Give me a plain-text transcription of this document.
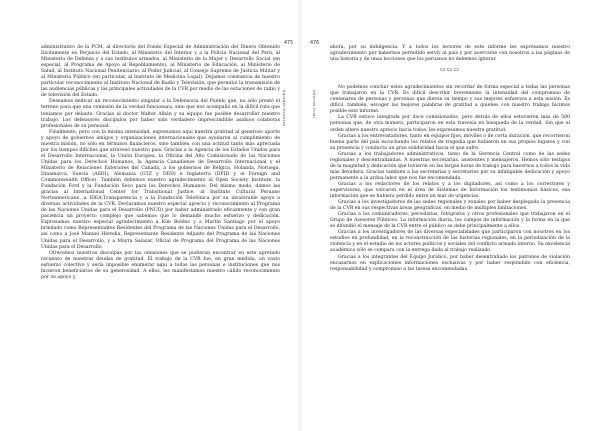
475
Agradecimientos

administrativo de la PCM, al directorio del Fondo Especial de Administración del Dinero Obtenido Ilícitamente en Perjuicio del Estado, al Ministerio del Interior y a la Policía Nacional del Perú, al Ministerio de Defensa y a sus institutos armados, al Ministerio de la Mujer y Desarrollo Social (en especial, al Programa de Apoyo al Repoblamiento), al Ministerio de Educación, al Ministerio de Salud, al Instituto Nacional Penitenciario, al Poder Judicial, al Consejo Supremo de Justicia Militar y al Ministerio Público (en particular, al Instituto de Medicina Legal). Dejamos constancia de nuestro particular reconocimiento al Instituto Nacional de Radio y Televisión, que permitió la transmisión de las audiencias públicas y las principales actividades de la CVR por medio de las estaciones de radio y de televisión del Estado.

Deseamos dedicar un reconocimiento singular a la Defensoría del Pueblo que, no sólo prestó el terreno para que una comisión de la verdad funcionara, sino que nos acompañó en la difícil ruta que teníamos por delante. Gracias al doctor Walter Albán y su equipo fue posible desarrollar nuestro trabajo. Los defensores discípulos por haber sido verdadero imprescindible asiduos colaboras profesionales de su personal.

Finalmente, pero con la misma intensidad, expresamos aquí nuestra gratitud al generoso aporte y apoyo de gobiernos amigos y organizaciones internacionales que ayudaron al cumplimiento de nuestra misión, no sólo en términos financieros, sino también con una actitud tanto más apreciada por los tiempos difíciles que atravesó nuestro país. Gracias a la Agencia de los Estados Unidos para el Desarrollo Internacional, la Unión Europea, la Oficina del Alto Comisionado de las Naciones Unidas para los Derechos Humanos, la Agencia Canadiense de Desarrollo Internacional y el Ministerio de Relaciones Exteriores del Canadá, a los gobiernos de Bélgica, Holanda, Noruega, Dinamarca, Suecia (ASDI), Alemania (GTZ y DED) e Inglaterra (DFID y el Foreign and Commonwealth Office). También debemos nuestro agradecimiento al Open Society Institute, la Fundación Ford y la Fundación Seco para los Derechos Humanos. Del mismo modo, damos las gracias al International Center for Transitional Justice, al Instituto Cultural Peruano Norteamericano, a IDEA-Transparencia y a la Fundación Telefónica por su invalorable apoyo a diversas actividades de la CVR. Declaramos nuestro especial aprecio y reconocimiento al Programa de las Naciones Unidas para el Desarrollo (PNUD) por haber administrado eficazmente y con gran paciencia un proyecto complejo que sabemos que lo demandó mucho esfuerzo y dedicación. Expresamos nuestro especial agradecimiento a Kim Bolduc y a Martín Santiago por el apoyo brindado como Representantes Residentes del Programa de las Naciones Unidas para el Desarrollo, así como a José Manuel Heredia, Representante Residente Adjunto del Programa de las Naciones Unidas para el Desarrollo, y a Mayra Salazar, Oficial de Programa del Programa de las Naciones Unidas para el Desarrollo.

Ofrecemos nuestras disculpas por las omisiones que se pudieran encontrar en este apretado recuento de nuestras deudas de gratitud. El trabajo de la CVR fue, en gran medida, un vasto esfuerzo colectivo y sería imposible enumerar aquí a todas las personas e instituciones que nos hicieron beneficiarios de su generosidad. A ellos, les manifestamos nuestro cálido reconocimiento por su apoyo y,

476
Informe final

ahora, por su indulgencia. Y a todos los lectores de este informe les expresamos nuestro agradecimiento por habernos permitido servir al país y por acercarse con nosotros a las páginas de una historia y de unas lecciones que los peruanos no debemos ignorar.

▭▭▭

No podemos concluir estos agradecimientos sin recordar de forma especial a todas las personas que trabajaron en la CVR. Es difícil describir brevemente la intensidad del compromiso de centenares de personas y personas que dieron su tiempo y sus mejores esfuerzos a esta misión. Es difícil, también, escoger las mejores palabras de gratitud a quienes con nuestro trabajo hicimos posible este informe.

La CVR estuvo integrada por doce comisionados, pero detrás de ellos estuvieron más de 500 personas que, de otra manera, participaron en esta travesía en búsqueda de la verdad. Sin que el orden altere nuestro aprecio hacia todos, les expresamos nuestra gratitud.

Gracias a los entrevistadores, tanto en equipos fijos, móviles o de corta duración, que recorrieron buena parte del país escuchando los relatos de tragedia que hubieron en sus propios lugares y con su presencia y conducta un gran solidaridad hacia el que sufre.

Gracias a los trabajadores administrativos, tanto de la Gerencia Central como de las sedes regionales y descentralizadas. A nuestras secretarias, asistentes y mensajeros. Hemos sido testigos de la magnitud y dedicación que tuvieron en las largas horas de trabajo para hacernos a todos la vida más llevadera. Gracias también a las secretarias y secretarios por su infatigable dedicación y apoyo permanente a la ardua labor que nos fue encomendada.

Gracias a los redactores de los relatos y a los digitadores, así como a los correctores y supervisores, que volcaron en el área de Sistemas de Información los testimonios básicos, esa información que se hubiera perdido entre un mar de urgencias.

Gracias a los investigadores de las sedes regionales y zonales por haber desplegado la presencia de la CVR en sus respectivas áreas geográficas, en medio de múltiples limitaciones.

Gracias a los comunicadores, periodistas, fotógrafos y otros profesionales que trabajaron en el Grupo de Asesores Públicos. La información diaria, los campos de información y la forma en la que se difundió el mensaje de la CVR entre el público se debe principalmente a ellos.

Gracias a los investigadores de las diversas especialidades que participaron con nosotros en los estudios en profundidad, en la reconstrucción de las historias regionales, en la periodización de la violencia y en el estudio de los actores políticos y sociales del conflicto armado interno. Su excelencia académica sólo se compara con la entrega dada al trabajo realizado.

Gracias a los integrantes del Equipo Jurídico, por haber desentrañado los patrones de violación encasarnos en explicaciones informaciones exclusivas y por haber respondido con eficiencia, responsabilidad y compromiso a las tareas encomendadas.
